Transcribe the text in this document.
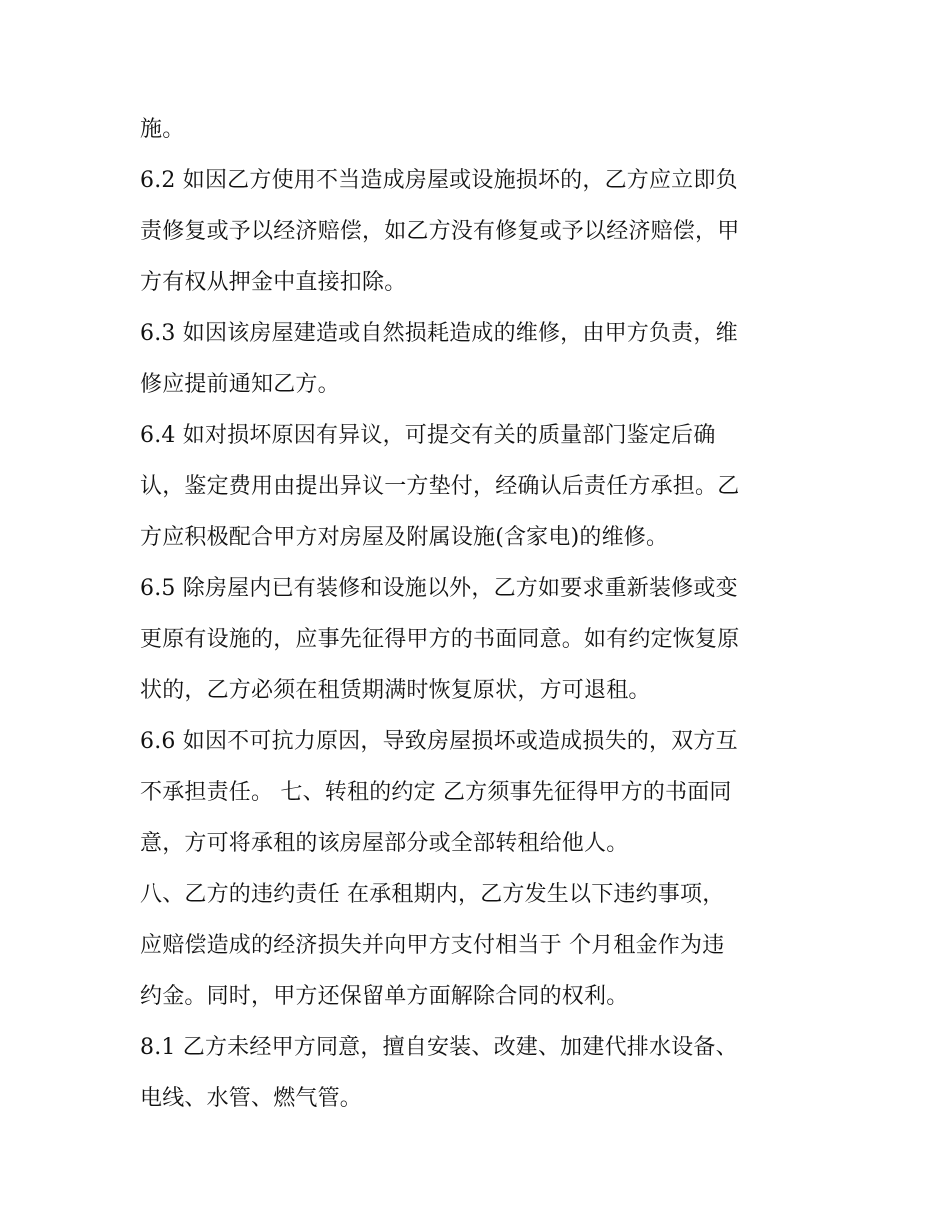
施。
6.2 如因乙方使用不当造成房屋或设施损坏的，乙方应立即负
责修复或予以经济赔偿，如乙方没有修复或予以经济赔偿，甲
方有权从押金中直接扣除。
6.3 如因该房屋建造或自然损耗造成的维修，由甲方负责，维
修应提前通知乙方。
6.4 如对损坏原因有异议，可提交有关的质量部门鉴定后确
认，鉴定费用由提出异议一方垫付，经确认后责任方承担。乙
方应积极配合甲方对房屋及附属设施(含家电)的维修。
6.5 除房屋内已有装修和设施以外，乙方如要求重新装修或变
更原有设施的，应事先征得甲方的书面同意。如有约定恢复原
状的，乙方必须在租赁期满时恢复原状，方可退租。
6.6 如因不可抗力原因，导致房屋损坏或造成损失的，双方互
不承担责任。 七、转租的约定 乙方须事先征得甲方的书面同
意，方可将承租的该房屋部分或全部转租给他人。
八、乙方的违约责任 在承租期内，乙方发生以下违约事项，
应赔偿造成的经济损失并向甲方支付相当于 个月租金作为违
约金。同时，甲方还保留单方面解除合同的权利。
8.1 乙方未经甲方同意，擅自安装、改建、加建代排水设备、
电线、水管、燃气管。
